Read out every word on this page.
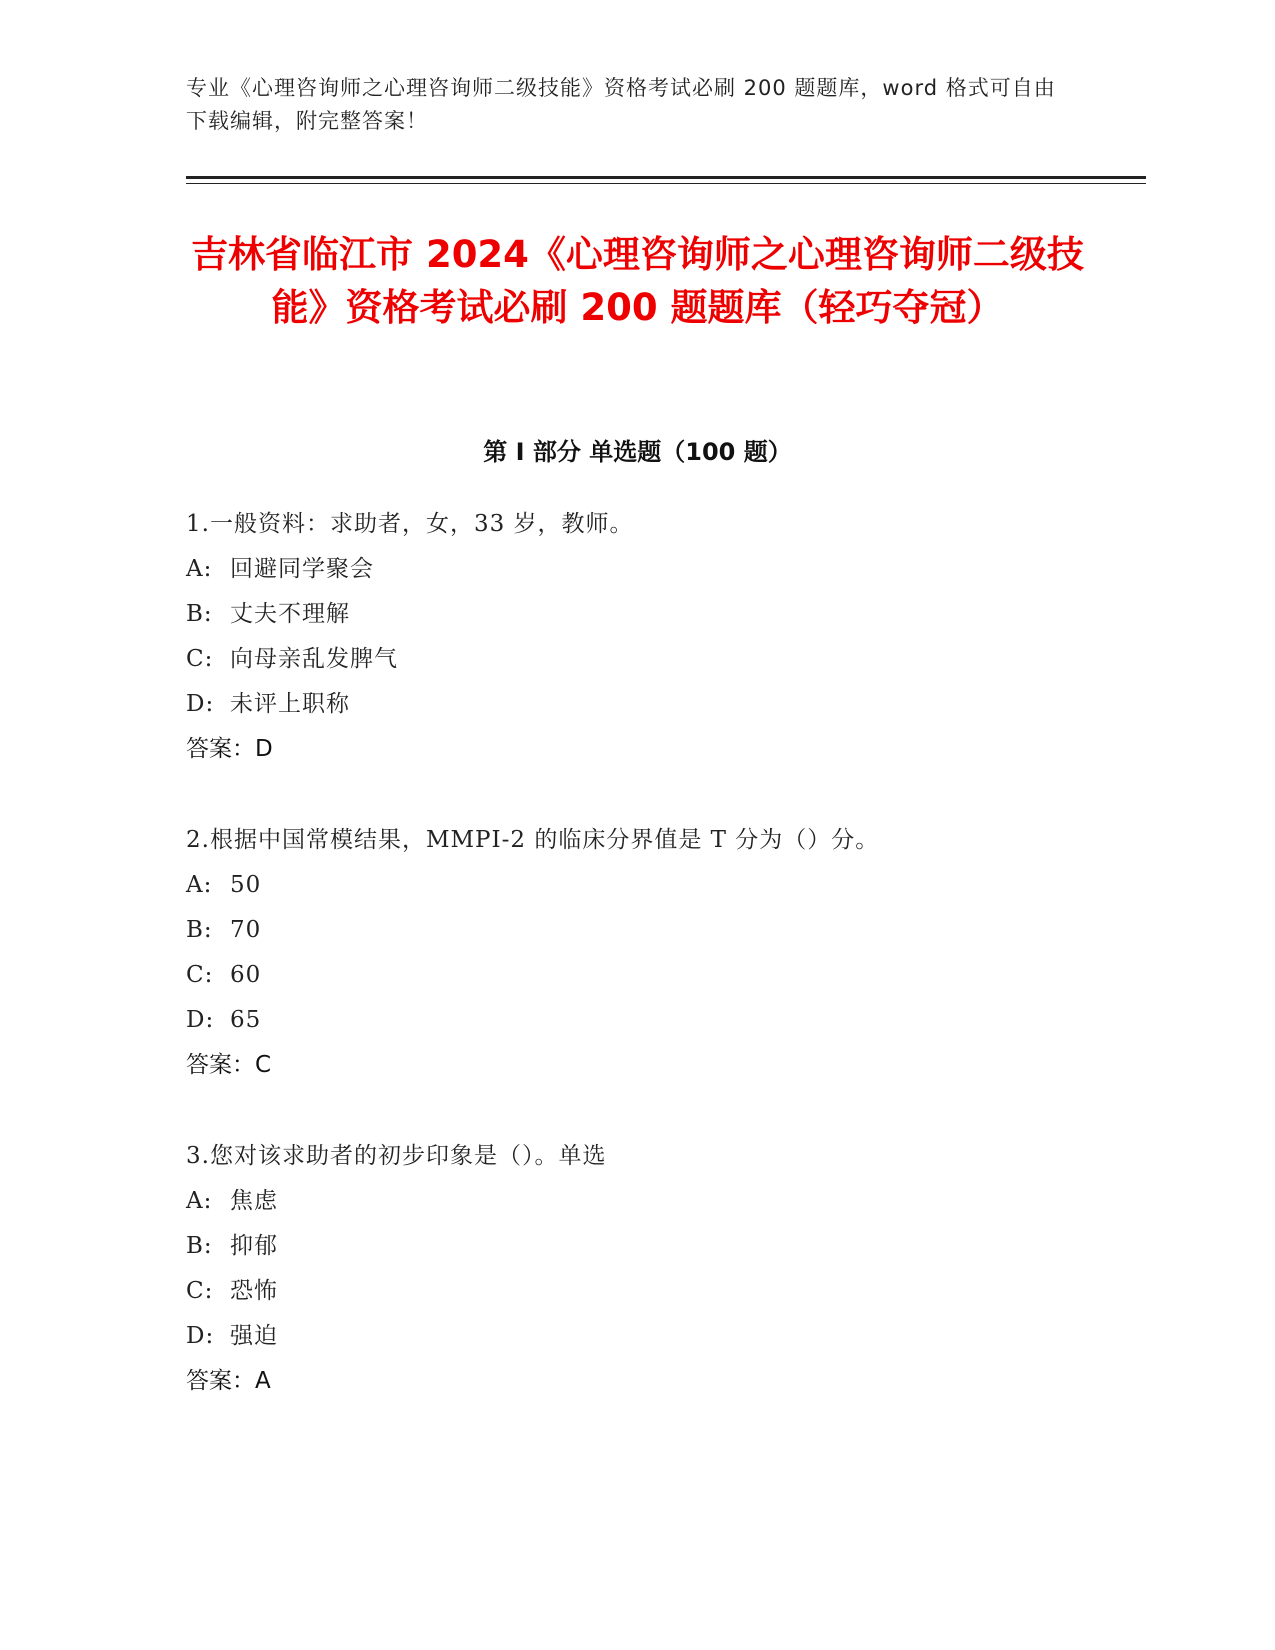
专业《心理咨询师之心理咨询师二级技能》资格考试必刷 200 题题库，word 格式可自由下载编辑，附完整答案！
吉林省临江市 2024《心理咨询师之心理咨询师二级技能》资格考试必刷 200 题题库（轻巧夺冠）
第 I 部分 单选题（100 题）
1.一般资料：求助者，女，33 岁，教师。
A: 回避同学聚会
B: 丈夫不理解
C: 向母亲乱发脾气
D: 未评上职称
答案：D
2.根据中国常模结果，MMPI-2 的临床分界值是 T 分为（）分。
A: 50
B: 70
C: 60
D: 65
答案：C
3.您对该求助者的初步印象是（）。单选
A: 焦虑
B: 抑郁
C: 恐怖
D: 强迫
答案：A
